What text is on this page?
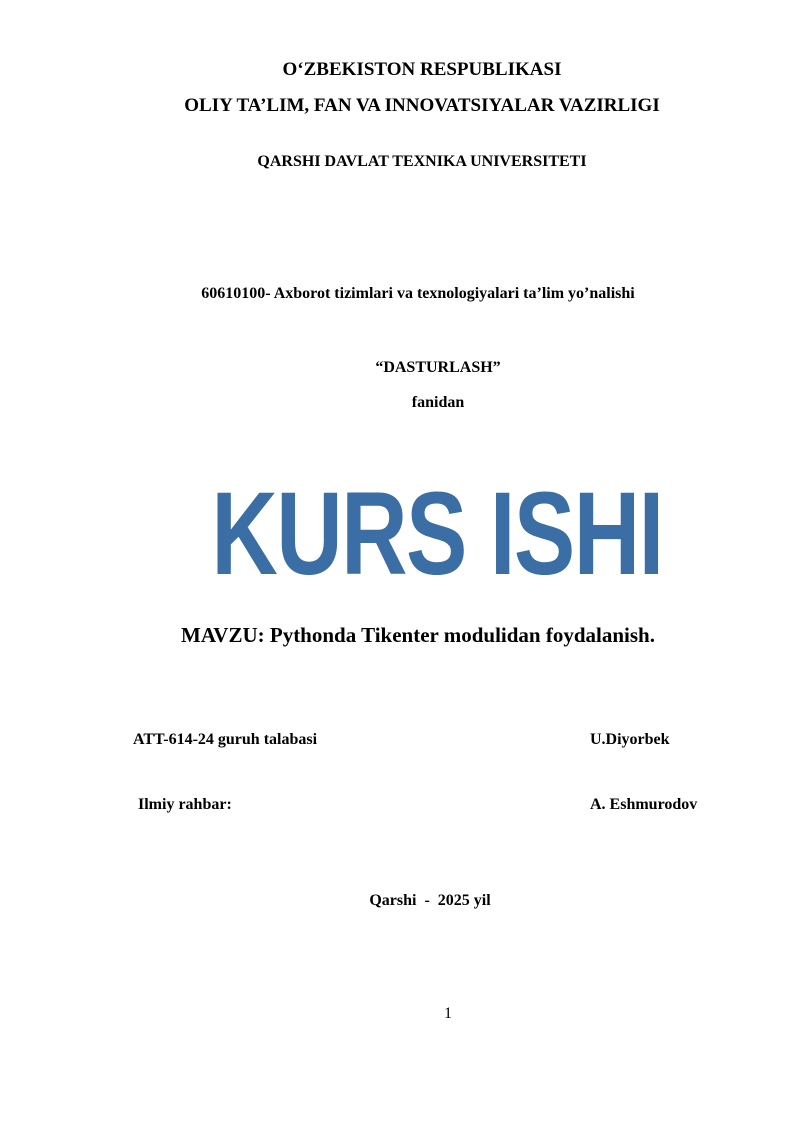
O‘ZBEKISTON RESPUBLIKASI
OLIY TA’LIM, FAN VA INNOVATSIYALAR VAZIRLIGI
QARSHI DAVLAT TEXNIKA UNIVERSITETI
60610100- Axborot tizimlari va texnologiyalari ta’lim yo’nalishi
“DASTURLASH”
fanidan
KURS ISHI
MAVZU: Pythonda Tikenter modulidan foydalanish.
ATT-614-24 guruh talabasi	U.Diyorbek
Ilmiy rahbar:	A. Eshmurodov
Qarshi  -  2025 yil
1
